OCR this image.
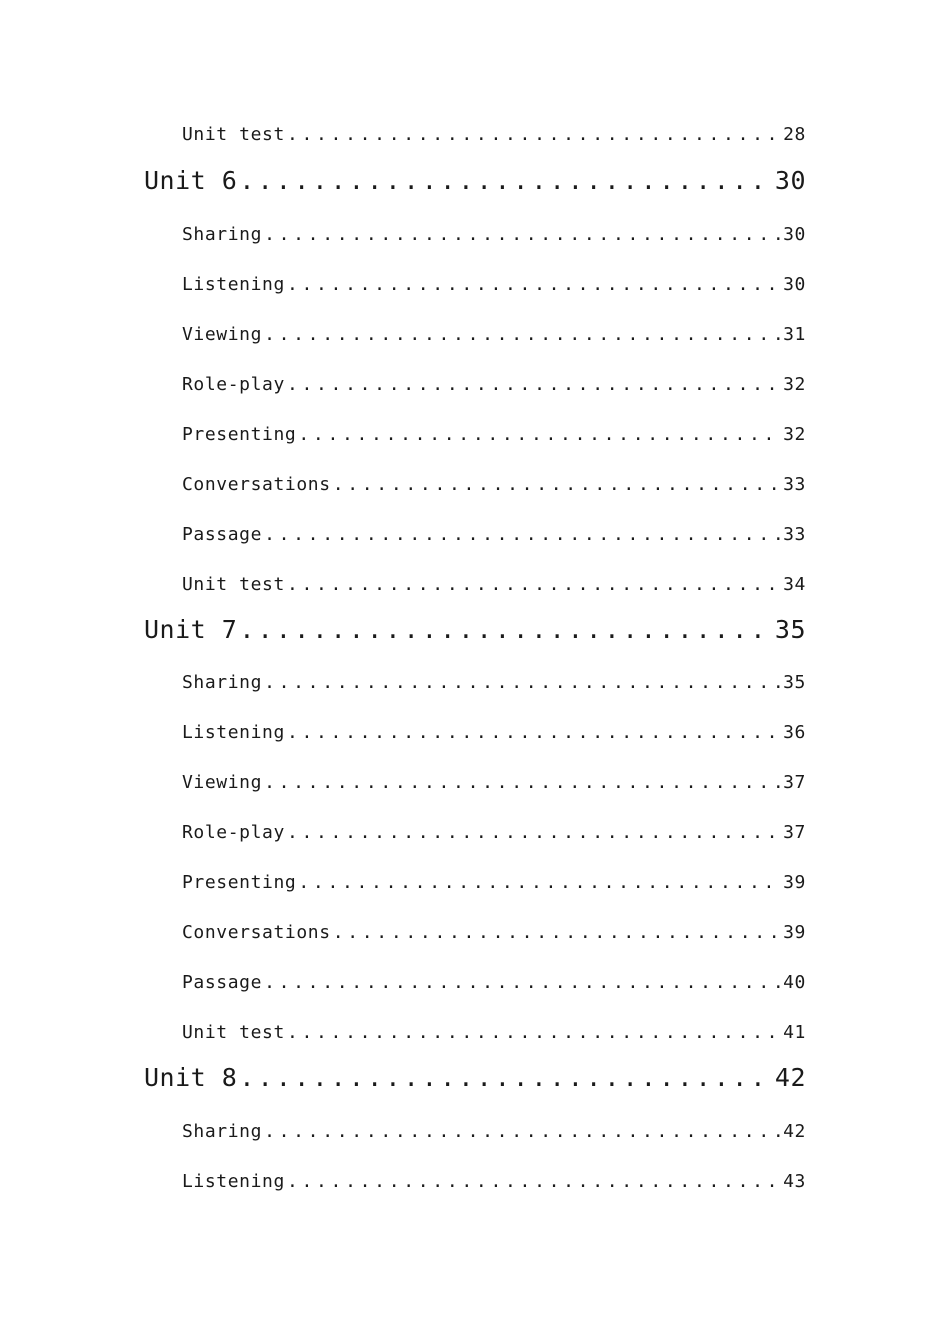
Unit test .....	28
Unit 6 .....	30
Sharing .....	30
Listening .....	30
Viewing .....	31
Role-play .....	32
Presenting .....	32
Conversations .....	33
Passage .....	33
Unit test .....	34
Unit 7 .....	35
Sharing .....	35
Listening .....	36
Viewing .....	37
Role-play .....	37
Presenting .....	39
Conversations .....	39
Passage .....	40
Unit test .....	41
Unit 8 .....	42
Sharing .....	42
Listening .....	43
